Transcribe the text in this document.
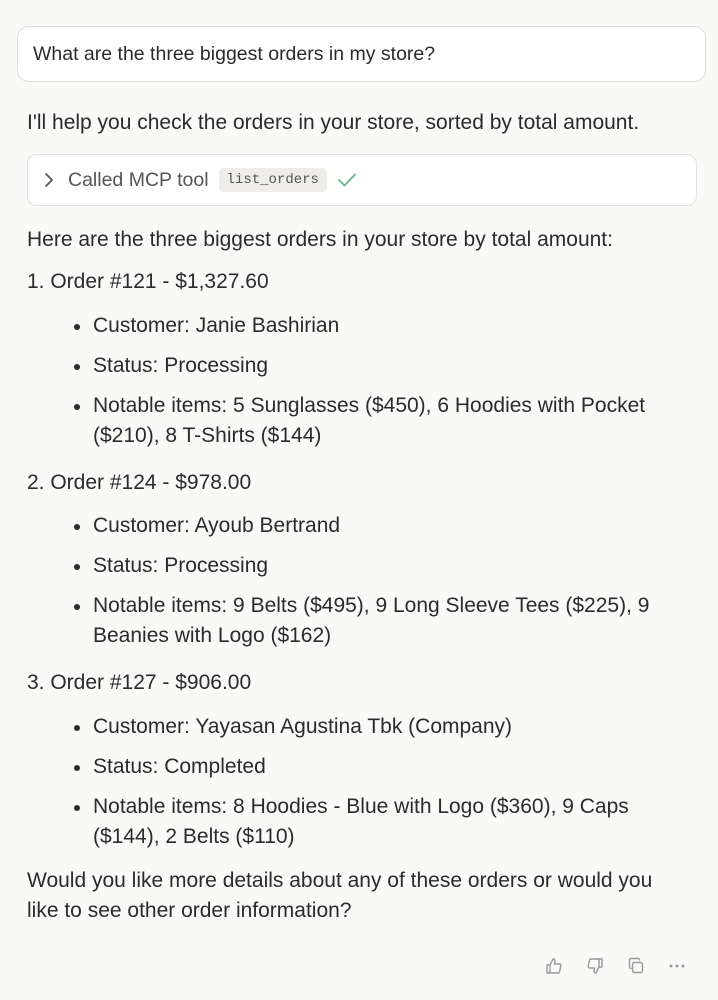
What are the three biggest orders in my store?
I'll help you check the orders in your store, sorted by total amount.
Called MCP tool	list_orders

Here are the three biggest orders in your store by total amount:

1. Order #121 - $1,327.60
Customer: Janie Bashirian
Status: Processing
Notable items: 5 Sunglasses ($450), 6 Hoodies with Pocket ($210), 8 T-Shirts ($144)
2. Order #124 - $978.00
Customer: Ayoub Bertrand
Status: Processing
Notable items: 9 Belts ($495), 9 Long Sleeve Tees ($225), 9 Beanies with Logo ($162)
3. Order #127 - $906.00
Customer: Yayasan Agustina Tbk (Company)
Status: Completed
Notable items: 8 Hoodies - Blue with Logo ($360), 9 Caps ($144), 2 Belts ($110)
Would you like more details about any of these orders or would you like to see other order information?
